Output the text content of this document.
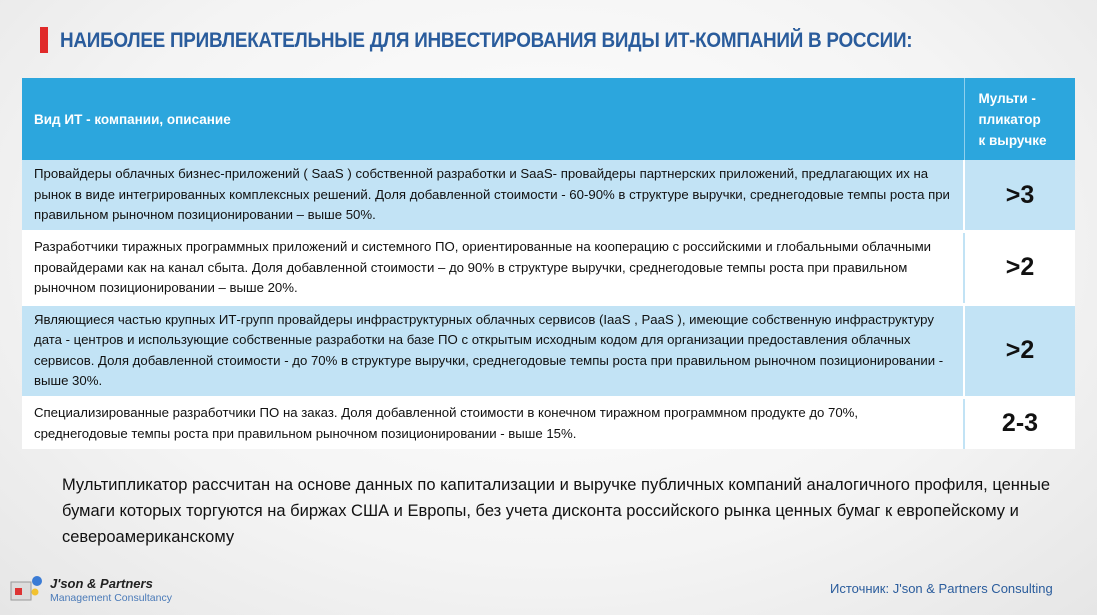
НАИБОЛЕЕ ПРИВЛЕКАТЕЛЬНЫЕ ДЛЯ ИНВЕСТИРОВАНИЯ ВИДЫ ИТ-КОМПАНИЙ В РОССИИ:
Вид ИТ - компании, описание	Мульти -
пликатор
к выручке

Провайдеры облачных бизнес-приложений ( SaaS ) собственной разработки и SaaS- провайдеры партнерских приложений, предлагающих их на рынок в виде интегрированных комплексных решений. Доля добавленной стоимости - 60-90% в структуре выручки, среднегодовые темпы роста при правильном рыночном позиционировании – выше 50%.	>3

Разработчики тиражных программных приложений и системного ПО, ориентированные на кооперацию с российскими и глобальными облачными провайдерами как на канал сбыта. Доля добавленной стоимости – до 90% в структуре выручки, среднегодовые темпы роста при правильном рыночном позиционировании – выше 20%.	>2

Являющиеся частью крупных ИТ-групп провайдеры инфраструктурных облачных сервисов (IaaS , PaaS ), имеющие собственную инфраструктуру дата - центров и использующие собственные разработки на базе ПО с открытым исходным кодом для организации предоставления облачных сервисов. Доля добавленной стоимости - до 70% в структуре выручки, среднегодовые темпы роста при правильном рыночном позиционировании - выше 30%.	>2

Специализированные разработчики ПО на заказ. Доля добавленной стоимости в конечном тиражном программном продукте до 70%, среднегодовые темпы роста при правильном рыночном позиционировании - выше 15%.	2-3
Мультипликатор рассчитан на основе данных по капитализации и выручке публичных компаний аналогичного профиля, ценные бумаги которых торгуются на биржах США и Европы, без учета дисконта российского рынка ценных бумаг к европейскому и североамериканскому
J'son & Partners
Management Consultancy
Источник: J'son & Partners Consulting
